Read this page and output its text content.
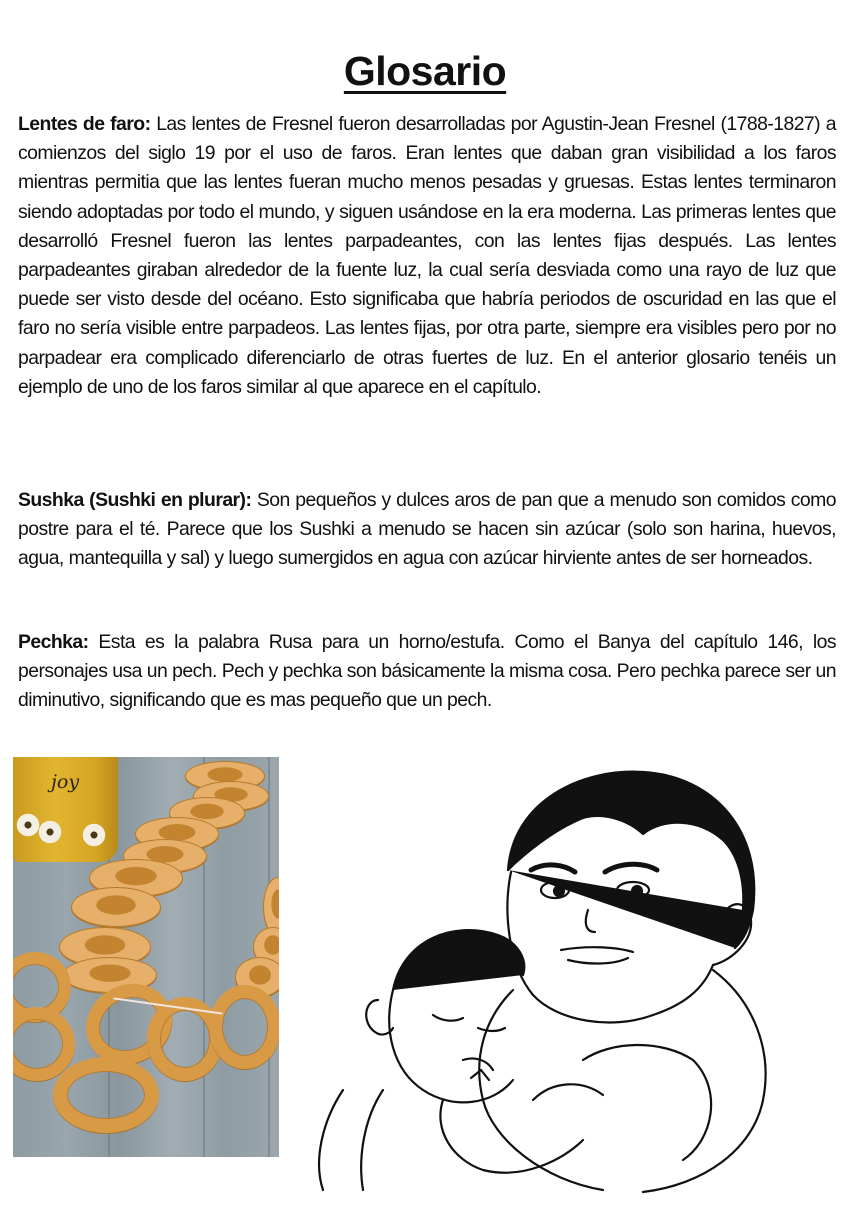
Glosario
Lentes de faro: Las lentes de Fresnel fueron desarrolladas por Agustin-Jean Fresnel (1788-1827) a comienzos del siglo 19 por el uso de faros. Eran lentes que daban gran visibilidad a los faros mientras permitia que las lentes fueran mucho menos pesadas y gruesas. Estas lentes terminaron siendo adoptadas por todo el mundo, y siguen usándose en la era moderna. Las primeras lentes que desarrolló Fresnel fueron las lentes parpadeantes, con las lentes fijas después. Las lentes parpadeantes giraban alrededor de la fuente luz, la cual sería desviada como una rayo de luz que puede ser visto desde del océano. Esto significaba que habría periodos de oscuridad en las que el faro no sería visible entre parpadeos. Las lentes fijas, por otra parte, siempre era visibles pero por no parpadear era complicado diferenciarlo de otras fuertes de luz. En el anterior glosario tenéis un ejemplo de uno de los faros similar al que aparece en el capítulo.
Sushka (Sushki en plurar): Son pequeños y dulces aros de pan que a menudo son comidos como postre para el té. Parece que los Sushki a menudo se hacen sin azúcar (solo son harina, huevos, agua, mantequilla y sal) y luego sumergidos en agua con azúcar hirviente antes de ser horneados.
Pechka: Esta es la palabra Rusa para un horno/estufa. Como el Banya del capítulo 146, los personajes usa un pech. Pech y pechka son básicamente la misma cosa. Pero pechka parece ser un diminutivo, significando que es mas pequeño que un pech.
joy
